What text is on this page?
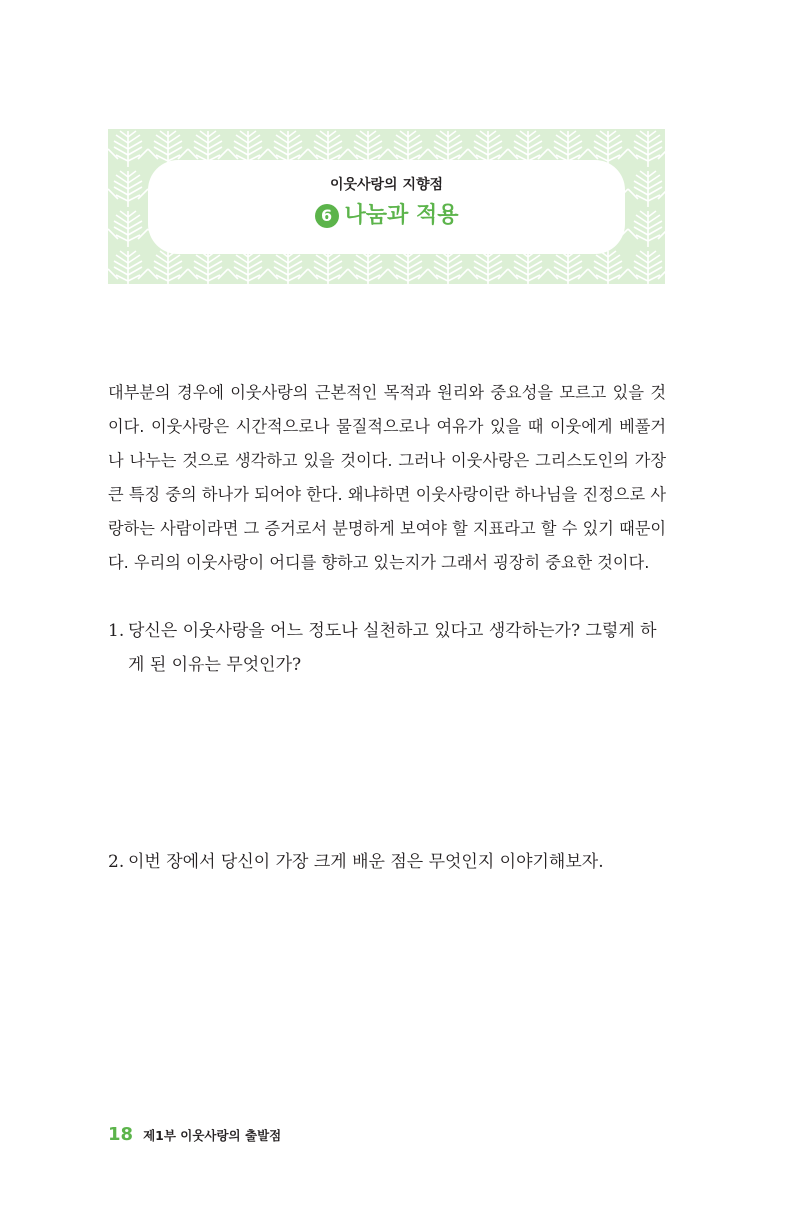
이웃사랑의 지향점
6 나눔과 적용

대부분의 경우에 이웃사랑의 근본적인 목적과 원리와 중요성을 모르고 있을 것이다. 이웃사랑은 시간적으로나 물질적으로나 여유가 있을 때 이웃에게 베풀거나 나누는 것으로 생각하고 있을 것이다. 그러나 이웃사랑은 그리스도인의 가장 큰 특징 중의 하나가 되어야 한다. 왜냐하면 이웃사랑이란 하나님을 진정으로 사랑하는 사람이라면 그 증거로서 분명하게 보여야 할 지표라고 할 수 있기 때문이다. 우리의 이웃사랑이 어디를 향하고 있는지가 그래서 굉장히 중요한 것이다.

1. 당신은 이웃사랑을 어느 정도나 실천하고 있다고 생각하는가? 그렇게 하게 된 이유는 무엇인가?
2. 이번 장에서 당신이 가장 크게 배운 점은 무엇인지 이야기해보자.
18 제1부 이웃사랑의 출발점
